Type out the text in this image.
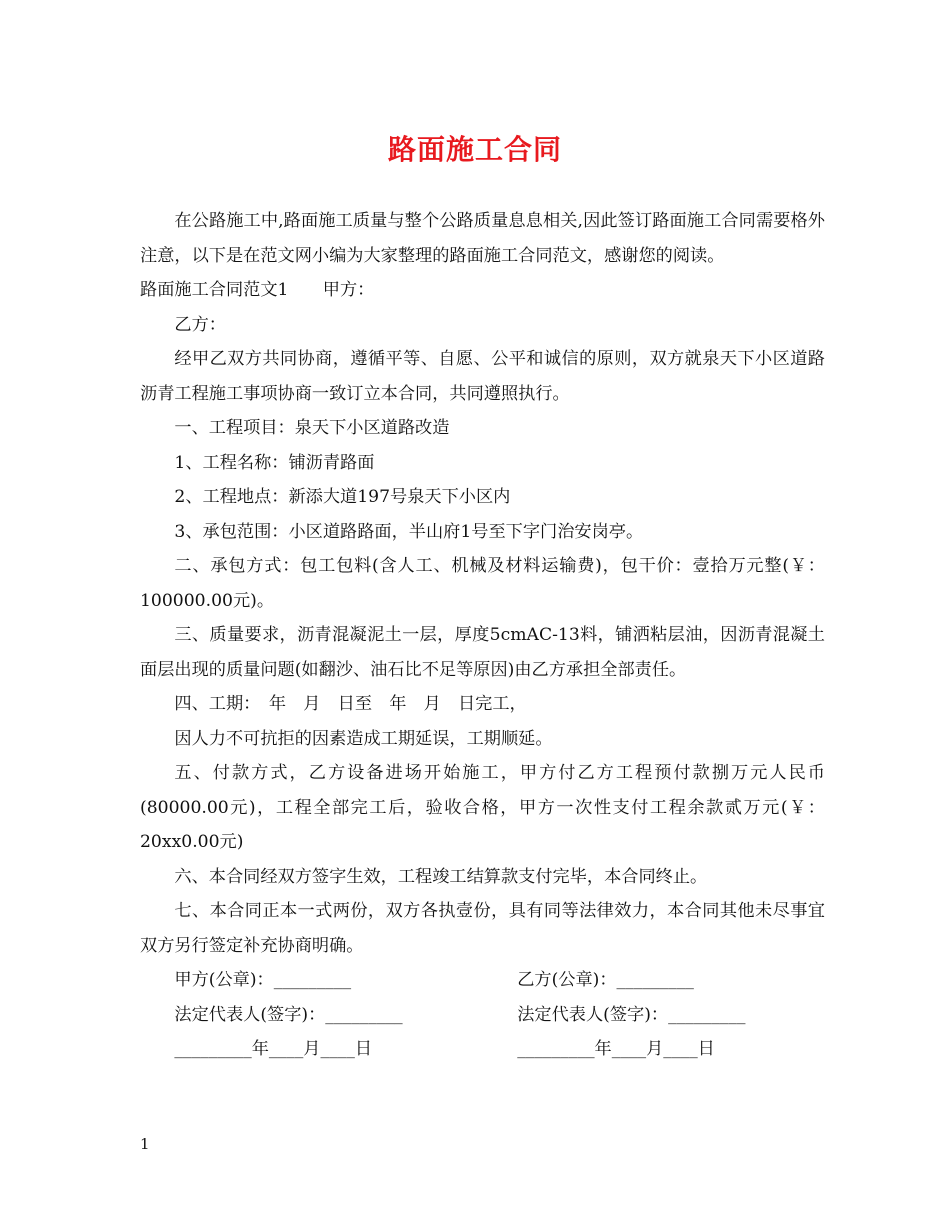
路面施工合同

在公路施工中,路面施工质量与整个公路质量息息相关,因此签订路面施工合同需要格外注意，以下是在范文网小编为大家整理的路面施工合同范文，感谢您的阅读。

路面施工合同范文1　　甲方：

乙方：

经甲乙双方共同协商，遵循平等、自愿、公平和诚信的原则，双方就泉天下小区道路沥青工程施工事项协商一致订立本合同，共同遵照执行。

一、工程项目：泉天下小区道路改造

1、工程名称：铺沥青路面

2、工程地点：新添大道197号泉天下小区内

3、承包范围：小区道路路面，半山府1号至下字门治安岗亭。

二、承包方式：包工包料(含人工、机械及材料运输费)，包干价：壹拾万元整(￥：100000.00元)。

三、质量要求，沥青混凝泥土一层，厚度5cmAC-13料，铺洒粘层油，因沥青混凝土面层出现的质量问题(如翻沙、油石比不足等原因)由乙方承担全部责任。

四、工期：　年　月　日至　年　月　日完工，

因人力不可抗拒的因素造成工期延误，工期顺延。

五、付款方式，乙方设备进场开始施工，甲方付乙方工程预付款捌万元人民币(80000.00元)，工程全部完工后，验收合格，甲方一次性支付工程余款贰万元(￥：20xx0.00元)

六、本合同经双方签字生效，工程竣工结算款支付完毕，本合同终止。

七、本合同正本一式两份，双方各执壹份，具有同等法律效力，本合同其他未尽事宜双方另行签定补充协商明确。

甲方(公章)：_________	乙方(公章)：_________
法定代表人(签字)：_________	法定代表人(签字)：_________
_________年____月____日	_________年____月____日
1
